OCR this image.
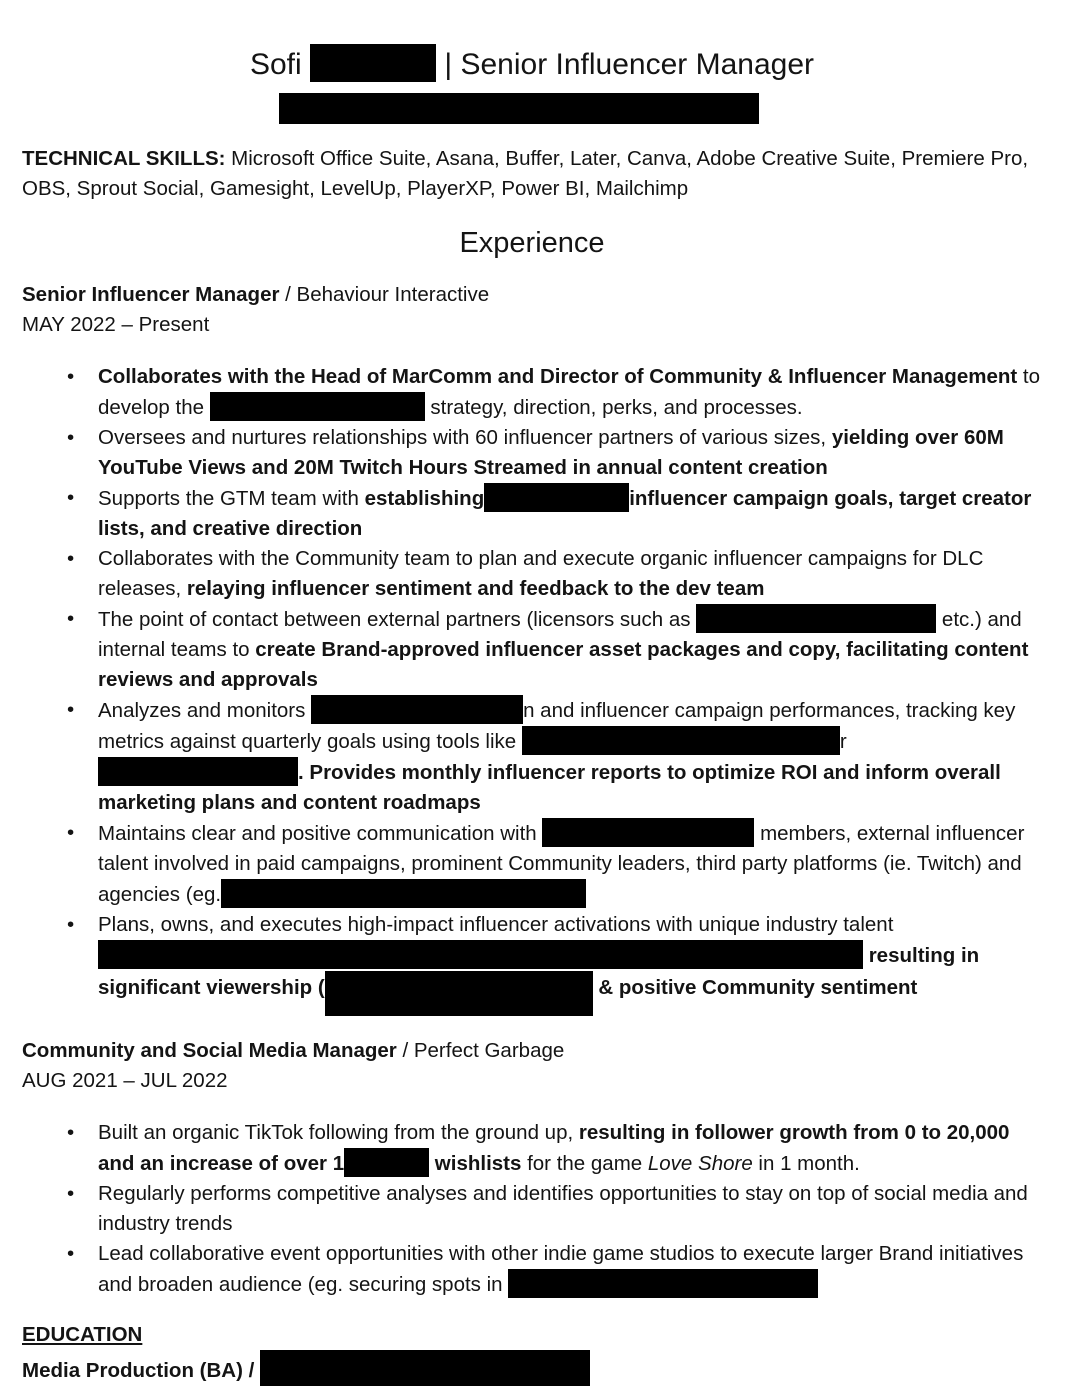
Sofi	| Senior Influencer Manager

TECHNICAL SKILLS: Microsoft Office Suite, Asana, Buffer, Later, Canva, Adobe Creative Suite, Premiere Pro, OBS, Sprout Social, Gamesight, LevelUp, PlayerXP, Power BI, Mailchimp

Experience

Senior Influencer Manager / Behaviour Interactive

MAY 2022 – Present

• Collaborates with the Head of MarComm and Director of Community & Influencer Management to develop the	strategy, direction, perks, and processes.
• Oversees and nurtures relationships with 60 influencer partners of various sizes, yielding over 60M YouTube Views and 20M Twitch Hours Streamed in annual content creation
• Supports the GTM team with establishing	influencer campaign goals, target creator lists, and creative direction
• Collaborates with the Community team to plan and execute organic influencer campaigns for DLC releases, relaying influencer sentiment and feedback to the dev team
• The point of contact between external partners (licensors such as	etc.) and internal teams to create Brand-approved influencer asset packages and copy, facilitating content reviews and approvals
• Analyzes and monitors	n and influencer campaign performances, tracking key metrics against quarterly goals using tools like	r . Provides monthly influencer reports to optimize ROI and inform overall marketing plans and content roadmaps
• Maintains clear and positive communication with	members, external influencer talent involved in paid campaigns, prominent Community leaders, third party platforms (ie. Twitch) and agencies (eg.
• Plans, owns, and executes high-impact influencer activations with unique industry talent  resulting in significant viewership (	& positive Community sentiment

Community and Social Media Manager / Perfect Garbage

AUG 2021 – JUL 2022

• Built an organic TikTok following from the ground up, resulting in follower growth from 0 to 20,000 and an increase of over 1	wishlists for the game Love Shore in 1 month.
• Regularly performs competitive analyses and identifies opportunities to stay on top of social media and industry trends
• Lead collaborative event opportunities with other indie game studios to execute larger Brand initiatives and broaden audience (eg. securing spots in
EDUCATION

Media Production (BA) /
